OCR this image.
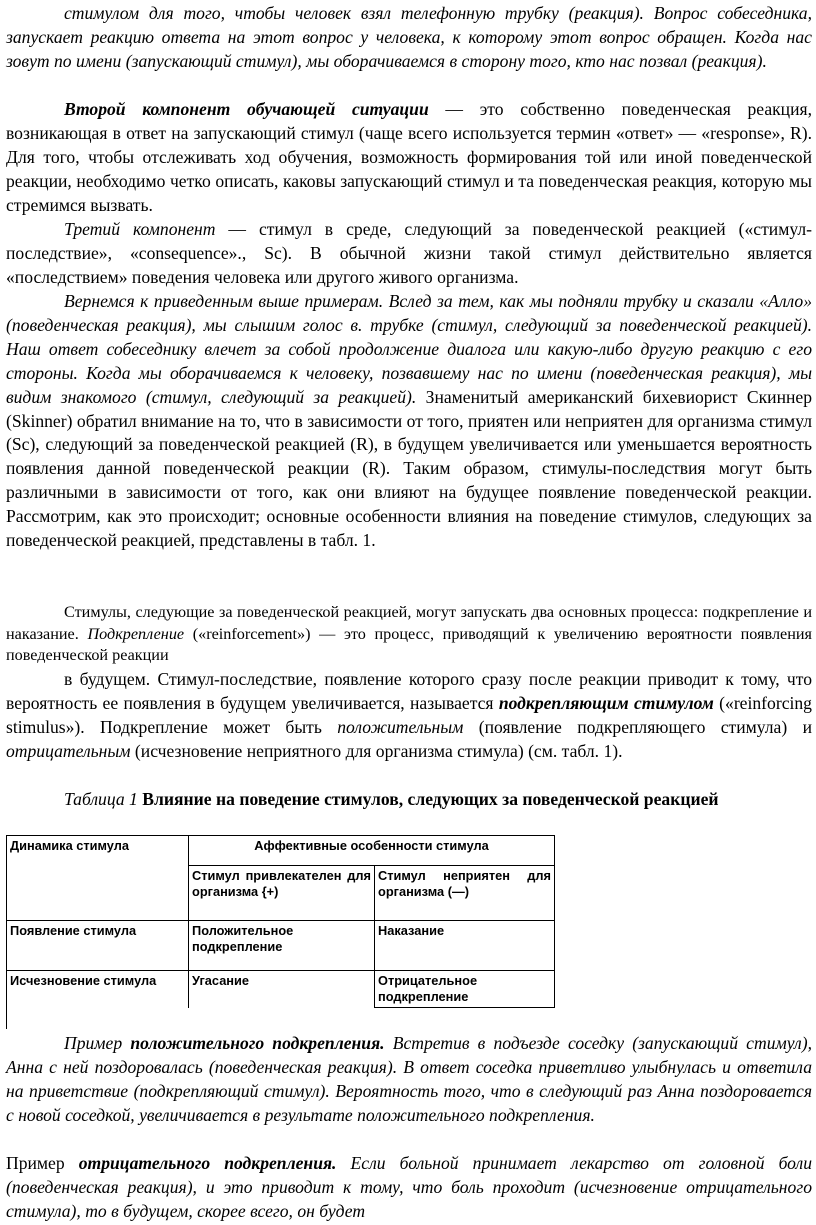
стимулом для того, чтобы человек взял телефонную трубку (реакция). Вопрос собеседника, запускает реакцию ответа на этот вопрос у человека, к которому этот вопрос обращен. Когда нас зовут по имени (запускающий стимул), мы оборачиваемся в сторону того, кто нас позвал (реакция).

Второй компонент обучающей ситуации — это собственно поведенческая реакция, возникающая в ответ на запускающий стимул (чаще всего используется термин «ответ» — «response», R). Для того, чтобы отслеживать ход обучения, возможность формирования той или иной поведенческой реакции, необходимо четко описать, каковы запускающий стимул и та поведенческая реакция, которую мы стремимся вызвать.

Третий компонент — стимул в среде, следующий за поведенческой реакцией («стимул-последствие», «consequence»., Sc). В обычной жизни такой стимул действительно является «последствием» поведения человека или другого живого организма.

Вернемся к приведенным выше примерам. Вслед за тем, как мы подняли трубку и сказали «Алло» (поведенческая реакция), мы слышим голос в. трубке (стимул, следующий за поведенческой реакцией). Наш ответ собеседнику влечет за собой продолжение диалога или какую-либо другую реакцию с его стороны. Когда мы оборачиваемся к человеку, позвавшему нас по имени (поведенческая реакция), мы видим знакомого (стимул, следующий за реакцией). Знаменитый американский бихевиорист Скиннер (Skinner) обратил внимание на то, что в зависимости от того, приятен или неприятен для организма стимул (Sc), следующий за поведенческой реакцией (R), в будущем увеличивается или уменьшается вероятность появления данной поведенческой реакции (R). Таким образом, стимулы-последствия могут быть различными в зависимости от того, как они влияют на будущее появление поведенческой реакции. Рассмотрим, как это происходит; основные особенности влияния на поведение стимулов, следующих за поведенческой реакцией, представлены в табл. 1.

Стимулы, следующие за поведенческой реакцией, могут запускать два основных процесса: подкрепление и наказание. Подкрепление («reinforcement») — это процесс, приводящий к увеличению вероятности появления поведенческой реакции

в будущем. Стимул-последствие, появление которого сразу после реакции приводит к тому, что вероятность ее появления в будущем увеличивается, называется подкрепляющим стимулом («reinforcing stimulus»). Подкрепление может быть положительным (появление подкрепляющего стимула) и отрицательным (исчезновение неприятного для организма стимула) (см. табл. 1).

Таблица 1 Влияние на поведение стимулов, следующих за поведенческой реакцией

Динамика стимула	Аффективные особенности стимула	
	Стимул привлекателен для организма {+)	Стимул неприятен для организма (—)
Появление стимула	Положительное подкрепление	Наказание
Исчезновение стимула	Угасание	Отрицательное подкрепление

Пример положительного подкрепления. Встретив в подъезде соседку (запускающий стимул), Анна с ней поздоровалась (поведенческая реакция). В ответ соседка приветливо улыбнулась и ответила на приветствие (подкрепляющий стимул). Вероятность того, что в следующий раз Анна поздоровается с новой соседкой, увеличивается в результате положительного подкрепления.

Пример отрицательного подкрепления. Если больной принимает лекарство от головной боли (поведенческая реакция), и это приводит к тому, что боль проходит (исчезновение отрицательного стимула), то в будущем, скорее всего, он будет
